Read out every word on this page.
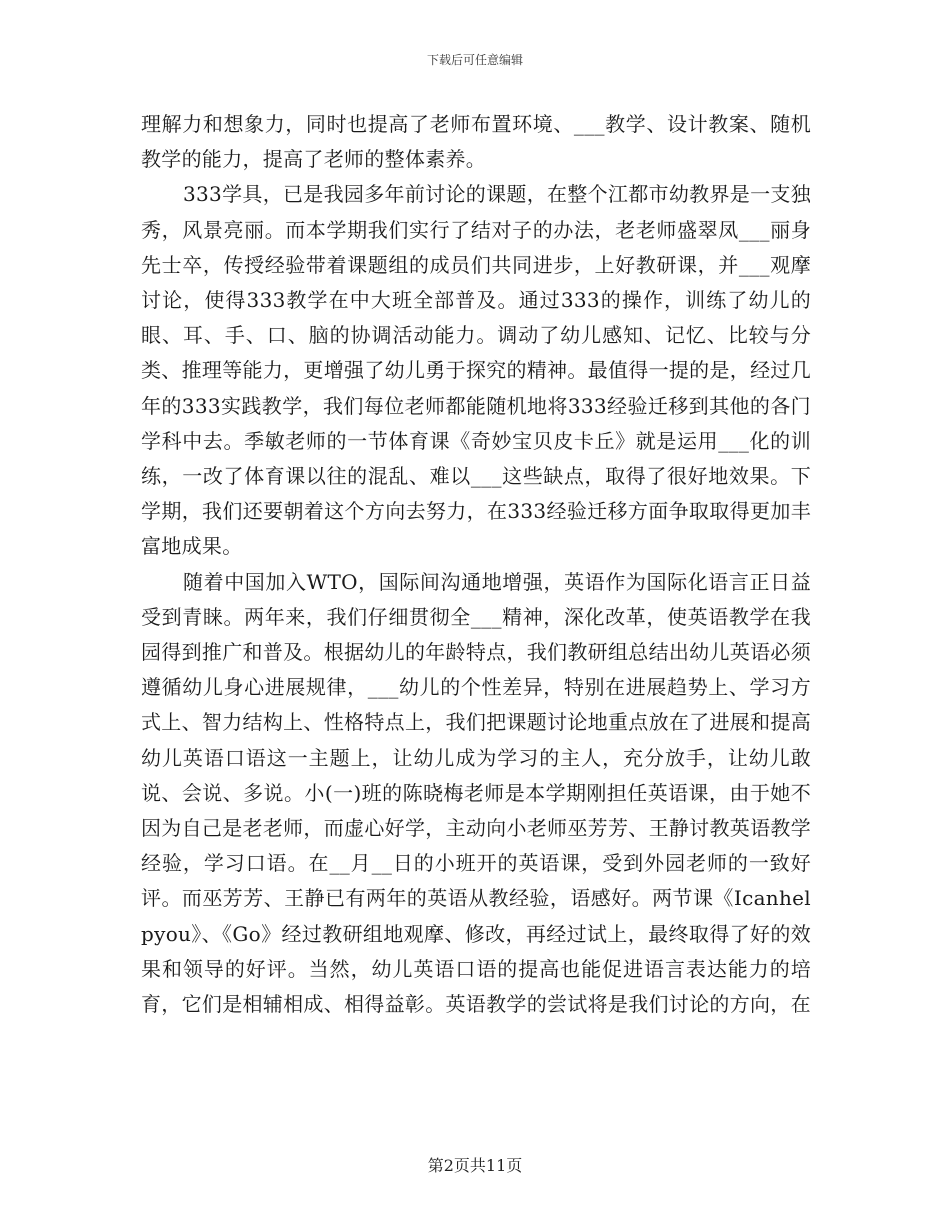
下载后可任意编辑

理解力和想象力，同时也提高了老师布置环境、___教学、设计教案、随机教学的能力，提高了老师的整体素养。

333学具，已是我园多年前讨论的课题，在整个江都市幼教界是一支独秀，风景亮丽。而本学期我们实行了结对子的办法，老老师盛翠凤___丽身先士卒，传授经验带着课题组的成员们共同进步，上好教研课，并___观摩讨论，使得333教学在中大班全部普及。通过333的操作，训练了幼儿的眼、耳、手、口、脑的协调活动能力。调动了幼儿感知、记忆、比较与分类、推理等能力，更增强了幼儿勇于探究的精神。最值得一提的是，经过几年的333实践教学，我们每位老师都能随机地将333经验迁移到其他的各门学科中去。季敏老师的一节体育课《奇妙宝贝皮卡丘》就是运用___化的训练，一改了体育课以往的混乱、难以___这些缺点，取得了很好地效果。下学期，我们还要朝着这个方向去努力，在333经验迁移方面争取取得更加丰富地成果。

随着中国加入WTO，国际间沟通地增强，英语作为国际化语言正日益受到青睐。两年来，我们仔细贯彻全___精神，深化改革，使英语教学在我园得到推广和普及。根据幼儿的年龄特点，我们教研组总结出幼儿英语必须遵循幼儿身心进展规律，___幼儿的个性差异，特别在进展趋势上、学习方式上、智力结构上、性格特点上，我们把课题讨论地重点放在了进展和提高幼儿英语口语这一主题上，让幼儿成为学习的主人，充分放手，让幼儿敢说、会说、多说。小(一)班的陈晓梅老师是本学期刚担任英语课，由于她不因为自己是老老师，而虚心好学，主动向小老师巫芳芳、王静讨教英语教学经验，学习口语。在__月__日的小班开的英语课，受到外园老师的一致好评。而巫芳芳、王静已有两年的英语从教经验，语感好。两节课《Icanhelpyou》、《Go》经过教研组地观摩、修改，再经过试上，最终取得了好的效果和领导的好评。当然，幼儿英语口语的提高也能促进语言表达能力的培育，它们是相辅相成、相得益彰。英语教学的尝试将是我们讨论的方向，在

第2页共11页
